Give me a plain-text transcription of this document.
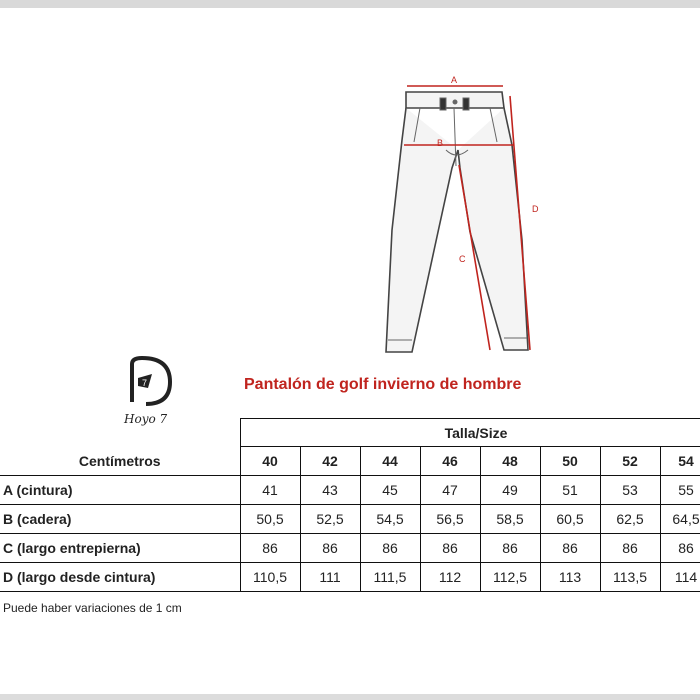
A
B
C
D
7
Hoyo 7
Pantalón de golf invierno de hombre
	Talla/Size							
Centímetros	40	42	44	46	48	50	52	54
A (cintura)	41	43	45	47	49	51	53	55
B (cadera)	50,5	52,5	54,5	56,5	58,5	60,5	62,5	64,5
C (largo entrepierna)	86	86	86	86	86	86	86	86
D (largo desde cintura)	110,5	111	111,5	112	112,5	113	113,5	114
Puede haber variaciones de 1 cm
